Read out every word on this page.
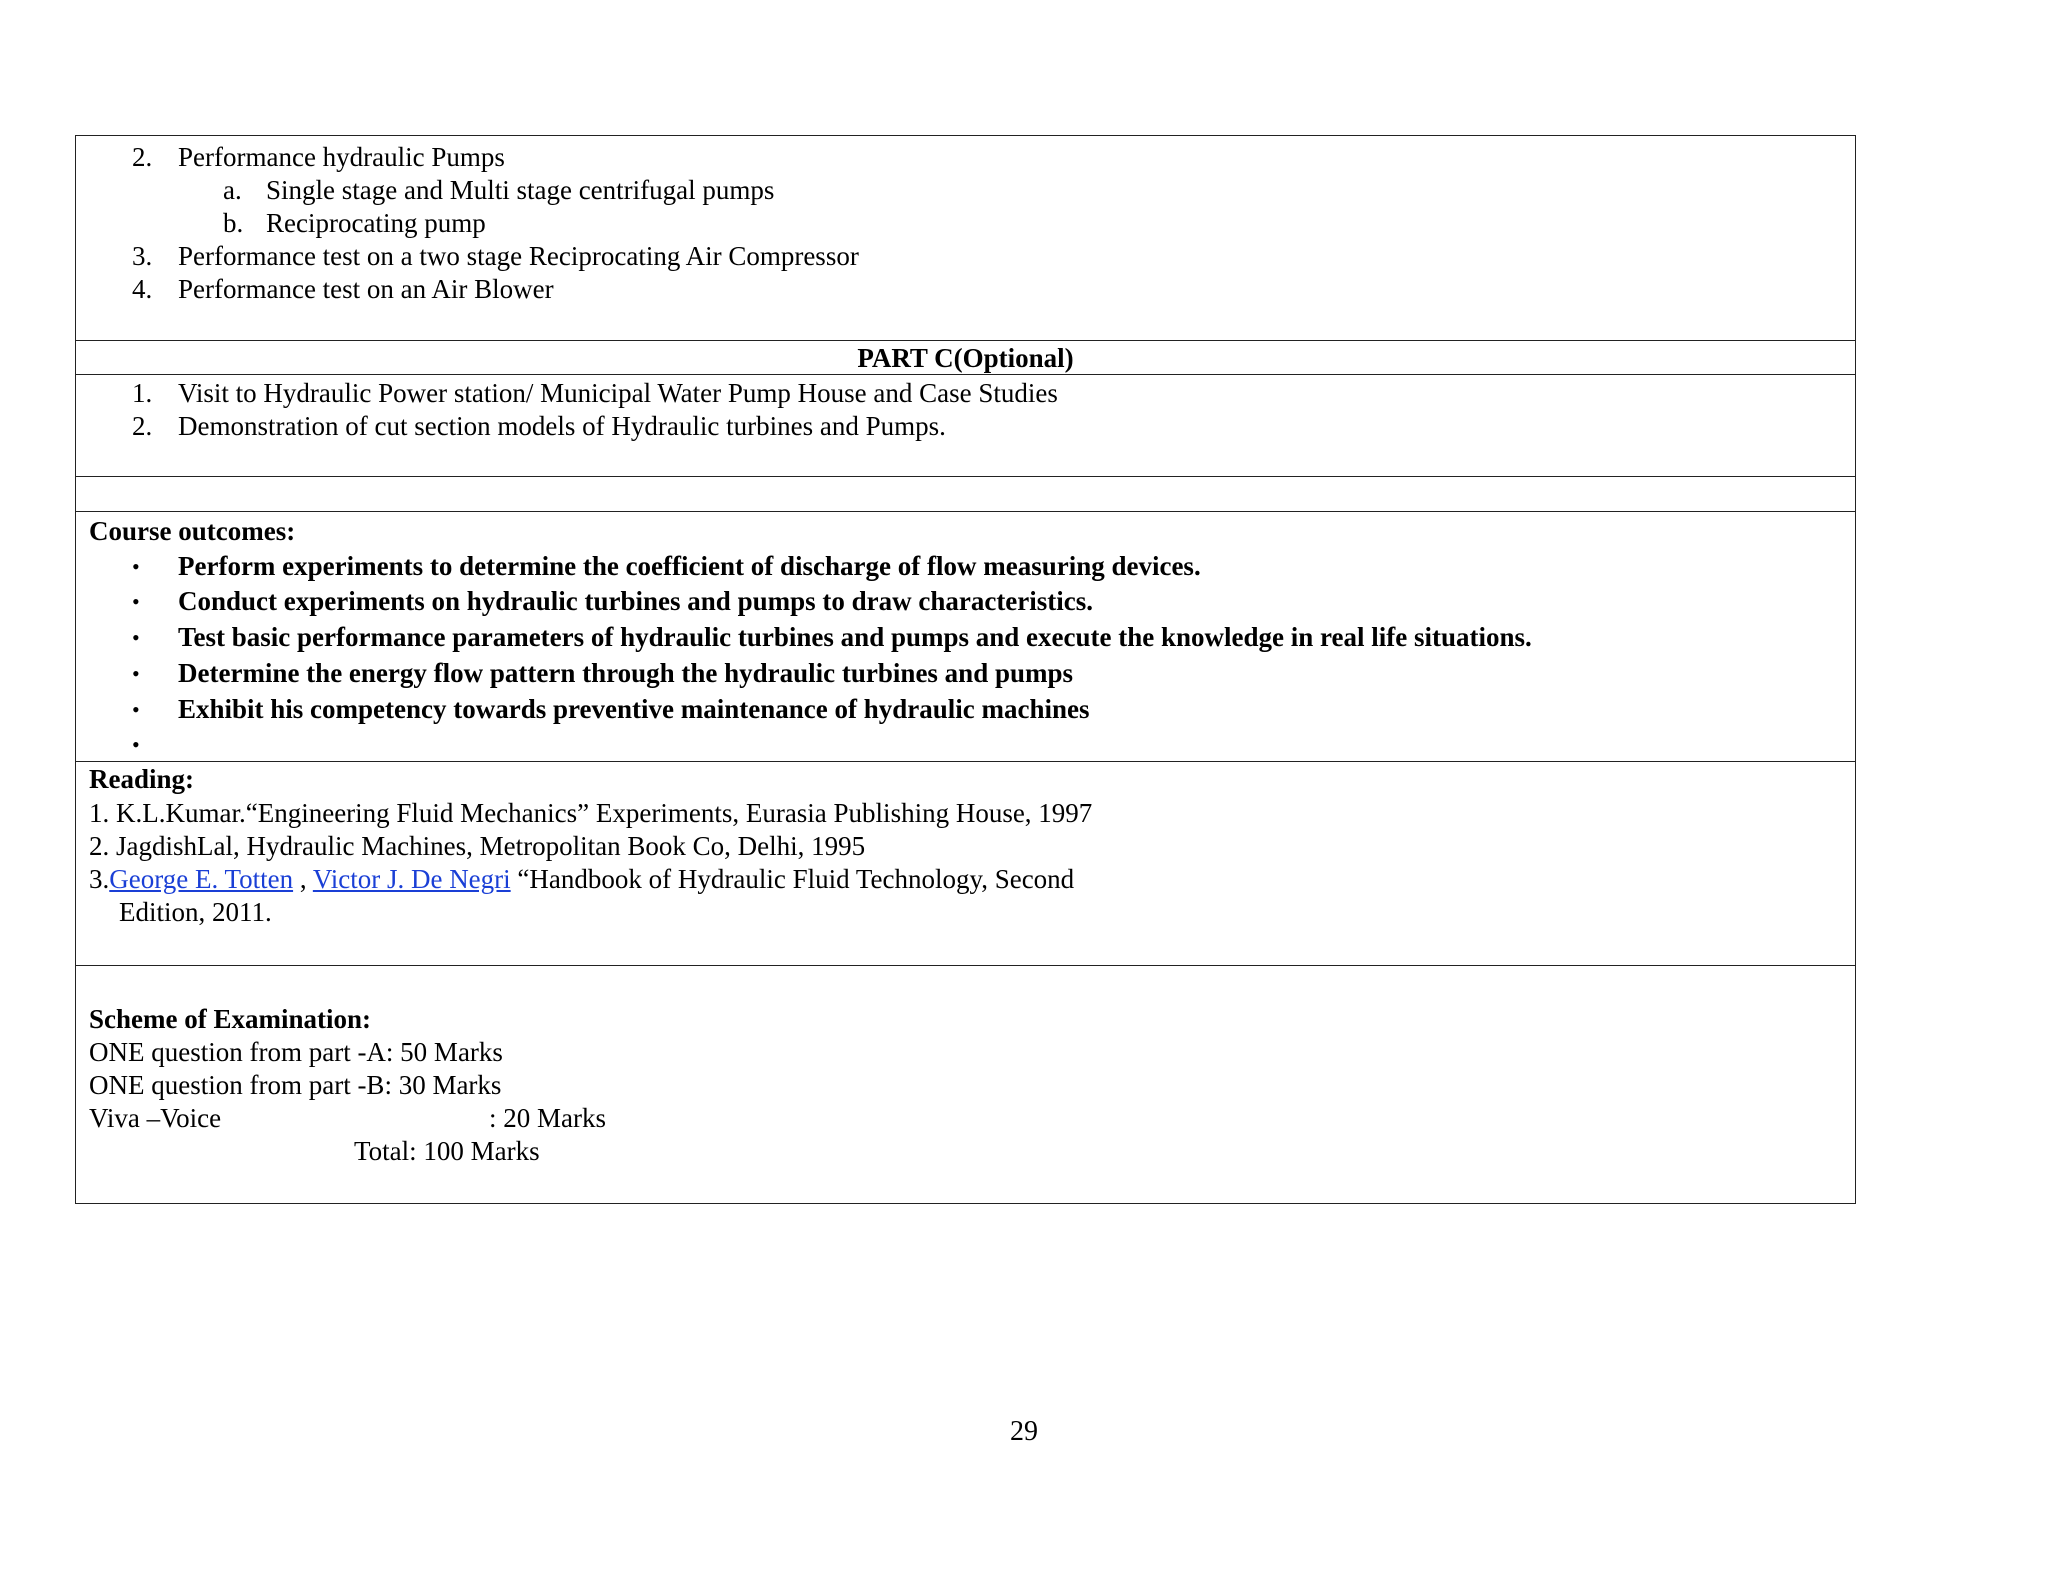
2. Performance hydraulic Pumps
a. Single stage and Multi stage centrifugal pumps
b. Reciprocating pump
3. Performance test on a two stage Reciprocating Air Compressor
4. Performance test on an Air Blower
PART C(Optional)
1. Visit to Hydraulic Power station/ Municipal Water Pump House and Case Studies
2. Demonstration of cut section models of Hydraulic turbines and Pumps.
Course outcomes:
• Perform experiments to determine the coefficient of discharge of flow measuring devices.
• Conduct experiments on hydraulic turbines and pumps to draw characteristics.
• Test basic performance parameters of hydraulic turbines and pumps and execute the knowledge in real life situations.
• Determine the energy flow pattern through the hydraulic turbines and pumps
• Exhibit his competency towards preventive maintenance of hydraulic machines
•
Reading:
1. K.L.Kumar.“Engineering Fluid Mechanics” Experiments, Eurasia Publishing House, 1997
2. JagdishLal, Hydraulic Machines, Metropolitan Book Co, Delhi, 1995
3.George E. Totten , Victor J. De Negri “Handbook of Hydraulic Fluid Technology, Second
Edition, 2011.
Scheme of Examination:
ONE question from part -A: 50 Marks
ONE question from part -B: 30 Marks
Viva –Voice	: 20 Marks
Total: 100 Marks
29
